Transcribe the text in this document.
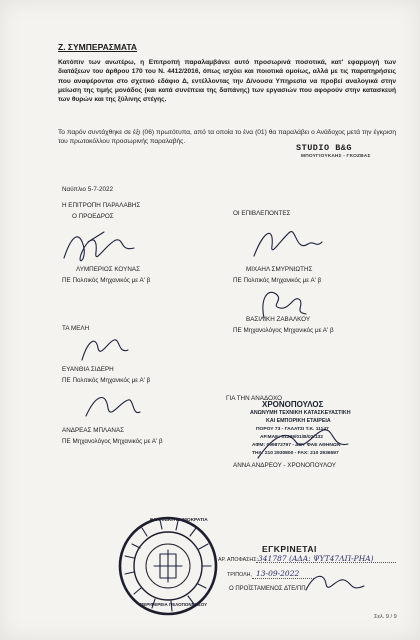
Ζ. ΣΥΜΠΕΡΑΣΜΑΤΑ
Κατόπιν των ανωτέρω, η Επιτροπή παραλαμβάνει αυτό προσωρινά ποσοτικά, κατ' εφαρμογή των διατάξεων του άρθρου 170 του Ν. 4412/2016, όπως ισχύει και ποιοτικά ομοίως, αλλά με τις παρατηρήσεις που αναφέρονται στο σχετικό εδάφιο Δ, εντέλλοντας την Δ/νουσα Υπηρεσία να προβεί αναλογικά στην μείωση της τιμής μονάδος (και κατά συνέπεια της δαπάνης) των εργασιών που αφορούν στην κατασκευή των θυρών και της ξύλινης στέγης.
Το παρόν συντάχθηκε σε έξι (06) πρωτότυπα, από τα οποία το ένα (01) θα παραλάβει ο Ανάδοχος μετά την έγκριση του πρωτοκόλλου προσωρινής παραλαβής.
STUDIO B&G
ΜΠΟΥΓΙΟΥΚΛΗΣ - ΓΚΟΖΒΑΣ
Ναύπλιο 5-7-2022
Η ΕΠΙΤΡΟΠΗ ΠΑΡΑΛΑΒΗΣ
Ο ΠΡΟΕΔΡΟΣ
ΛΥΜΠΕΡΙΟΣ ΚΟΥΝΑΣ
ΠΕ Πολιτικός Μηχανικός με Α' β
ΟΙ ΕΠΙΒΛΕΠΟΝΤΕΣ
ΜΙΧΑΗΛ ΣΜΥΡΝΙΩΤΗΣ
ΠΕ Πολιτικός Μηχανικός με Α' β
ΒΑΣΙΛΙΚΗ ΖΑΒΑΛΚΟΥ
ΠΕ Μηχανολόγος Μηχανικός με Α' β
ΤΑ ΜΕΛΗ
ΕΥΑΝΘΙΑ ΣΙΔΕΡΗ
ΠΕ Πολιτικός Μηχανικός με Α' β
ΑΝΔΡΕΑΣ ΜΠΛΑΝΑΣ
ΠΕ Μηχανολόγος Μηχανικός με Α' β
ΓΙΑ ΤΗΝ ΑΝΑΔΟΧΟ
ΧΡΟΝΟΠΟΥΛΟΣ
ΑΝΩΝΥΜΗ ΤΕΧΝΙΚΗ ΚΑΤΑΣΚΕΥΑΣΤΙΚΗ
ΚΑΙ ΕΜΠΟΡΙΚΗ ΕΤΑΙΡΕΙΑ
ΠΟΡΟΥ 73 - ΓΑΛΑΤΣΙ Τ.Κ. 11147
ΑΡ.ΜΑΕ: 51239/01/Β/02/132
ΑΦΜ: 099872797 - ΔΟΥ ΦΑΕ ΑΘΗΝΩΝ
ΤΗΛ: 210 2930800 - FAX: 210 2936597
ΑΝΝΑ ΑΝΔΡΕΟΥ - ΧΡΟΝΟΠΟΥΛΟΥ
ΕΓΚΡΙΝΕΤΑΙ
ΑΡ. ΑΠΟΦΑΣΗΣ: 341787 (ΑΔΑ: ΨΥΤ47ΛΠ-ΡΗΑ)
ΤΡΙΠΟΛΗ, 13-09-2022
Ο ΠΡΟΪΣΤΑΜΕΝΟΣ ΔΤΕ/ΠΠ
ΕΛΛΗΝΙΚΗ ΔΗΜΟΚΡΑΤΙΑ
ΠΕΡΙΦΕΡΕΙΑ ΠΕΛΟΠΟΝΝΗΣΟΥ
Σελ. 9 / 9
